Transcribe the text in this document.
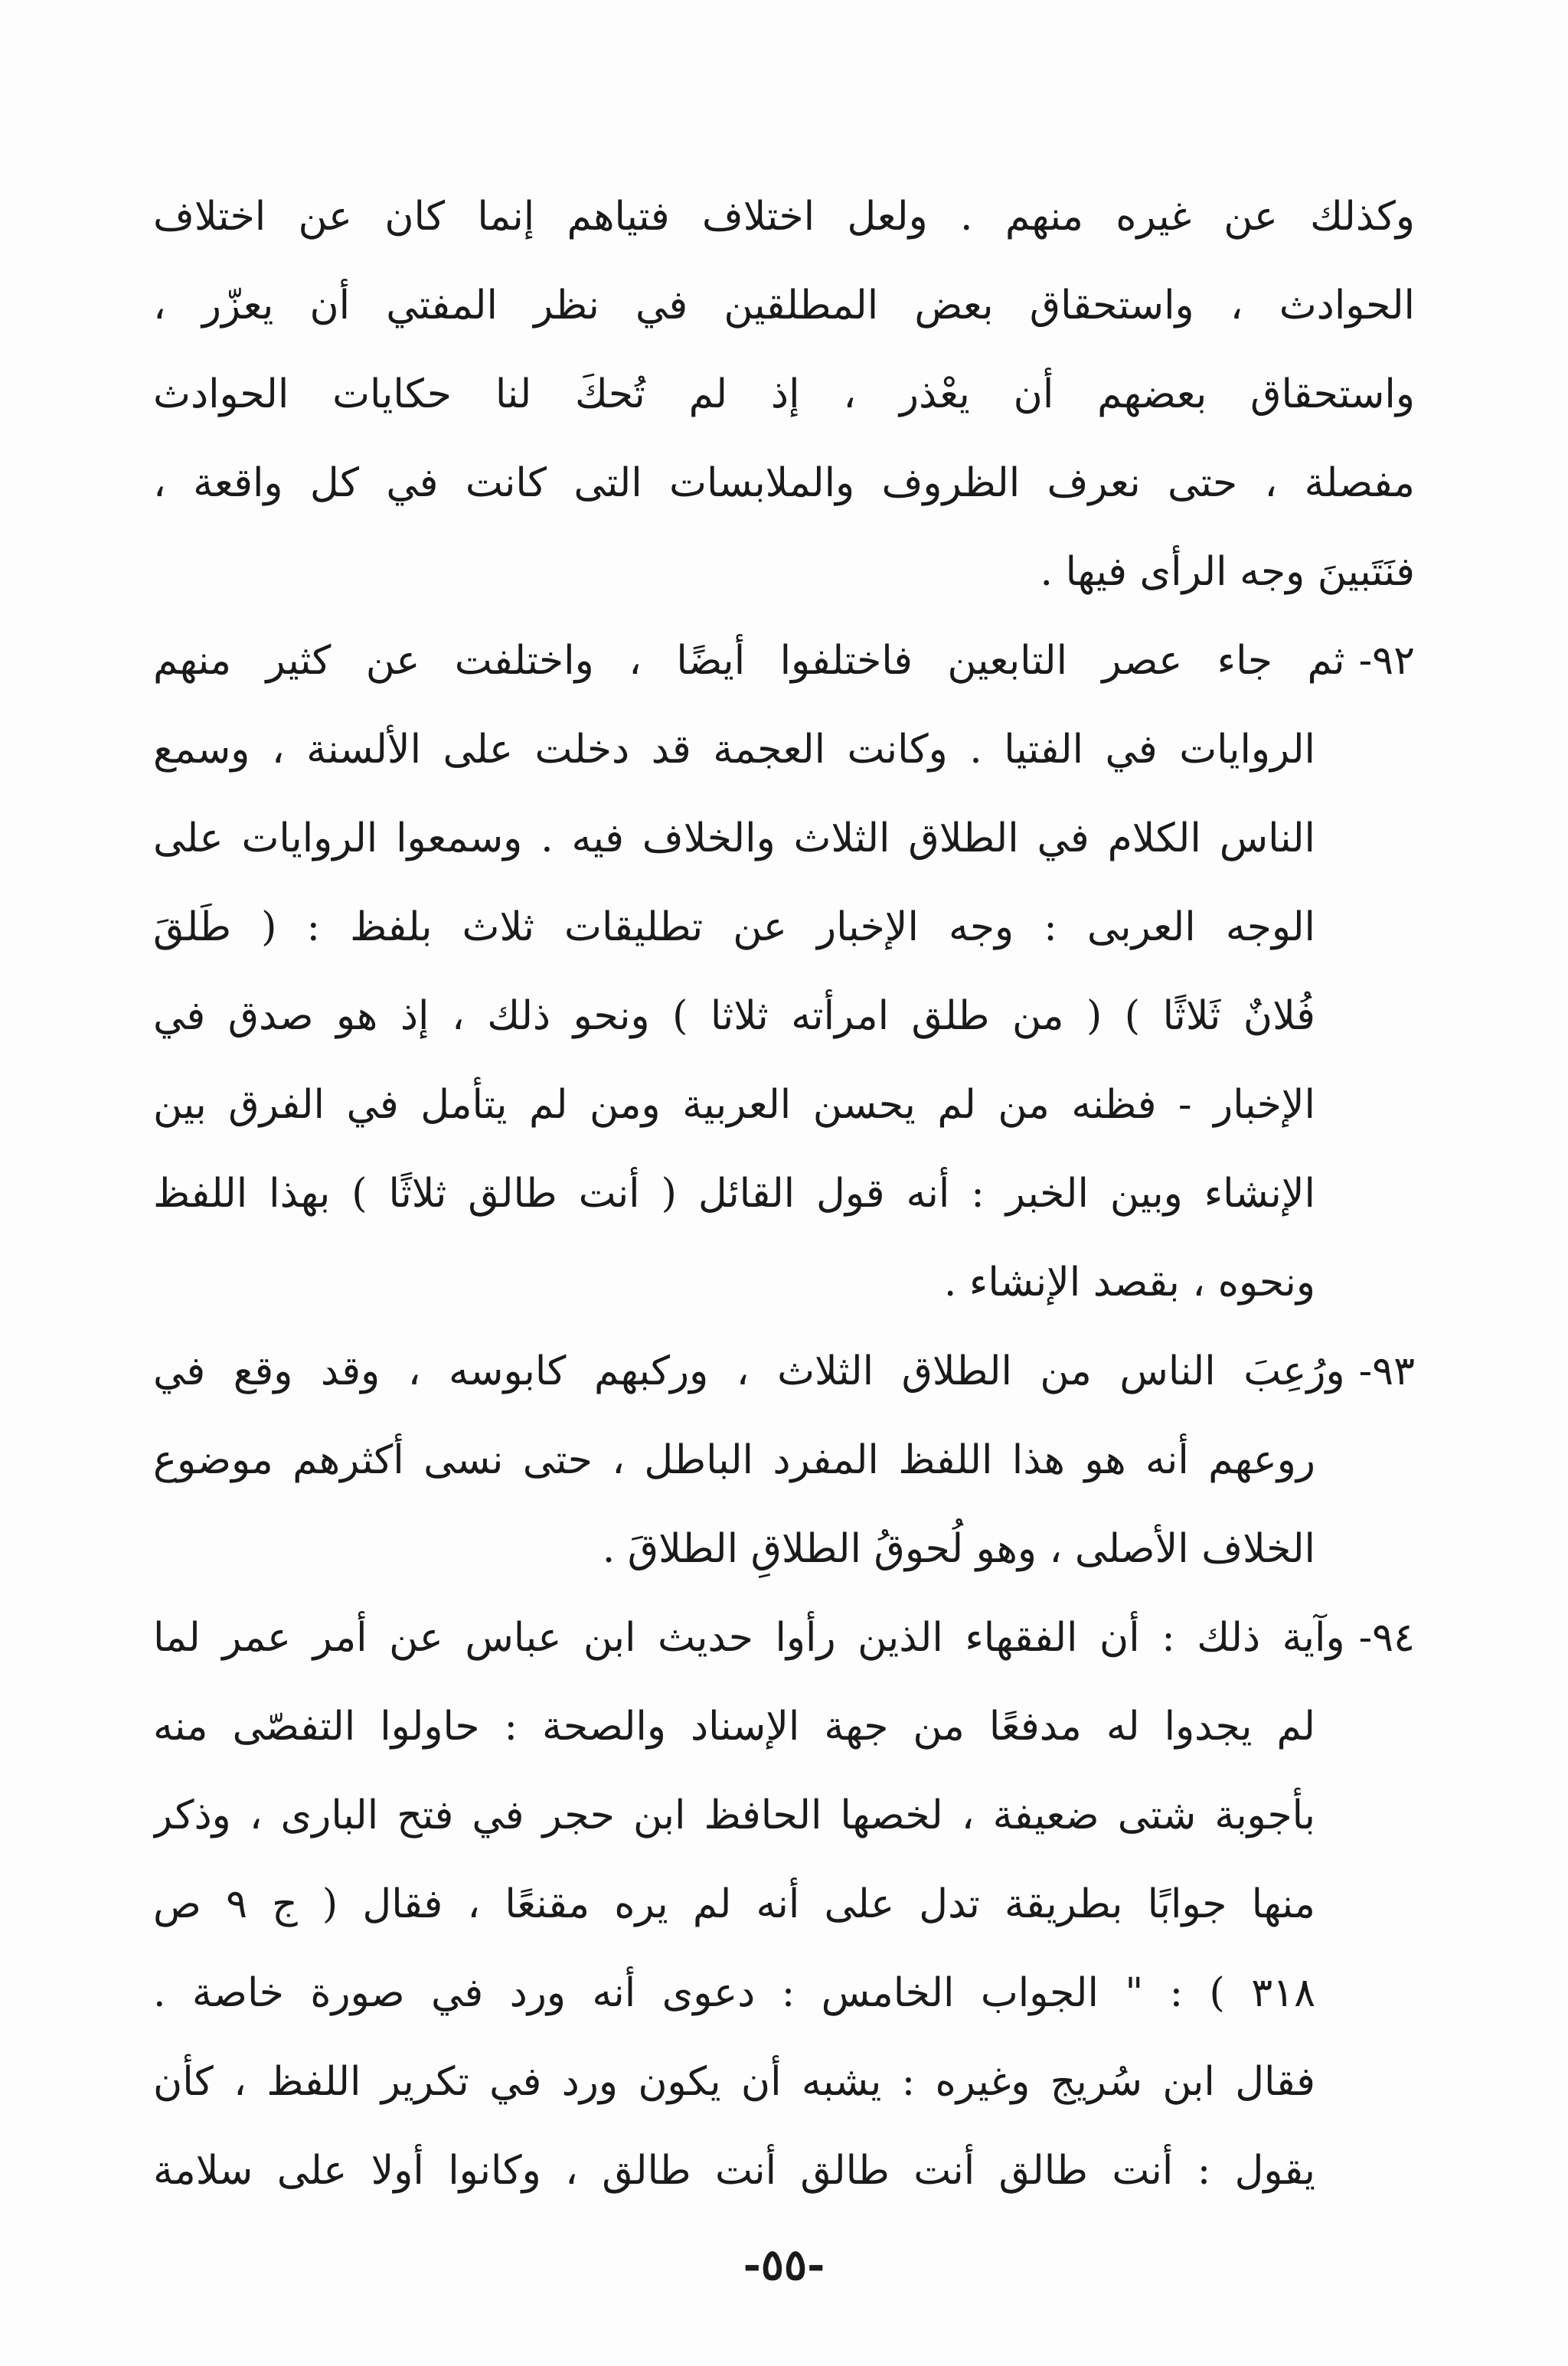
وكذلك عن غيره منهم . ولعل اختلاف فتياهم إنما كان عن اختلاف
الحوادث ، واستحقاق بعض المطلقين في نظر المفتي أن يعزّر ،
واستحقاق بعضهم أن يعْذر ، إذ لم تُحكَ لنا حكايات الحوادث
مفصلة ، حتى نعرف الظروف والملابسات التى كانت في كل واقعة ،
فنَتَبينَ وجه الرأى فيها .
٩٢-ثم جاء عصر التابعين فاختلفوا أيضًا ، واختلفت عن كثير منهم
الروايات في الفتيا . وكانت العجمة قد دخلت على الألسنة ، وسمع
الناس الكلام في الطلاق الثلاث والخلاف فيه . وسمعوا الروايات على
الوجه العربى : وجه الإخبار عن تطليقات ثلاث بلفظ : ( طَلقَ
فُلانٌ ثَلاثًا ) ( من طلق امرأته ثلاثا ) ونحو ذلك ، إذ هو صدق في
الإخبار - فظنه من لم يحسن العربية ومن لم يتأمل في الفرق بين
الإنشاء وبين الخبر : أنه قول القائل ( أنت طالق ثلاثًا ) بهذا اللفظ
ونحوه ، بقصد الإنشاء .
٩٣-ورُعِبَ الناس من الطلاق الثلاث ، وركبهم كابوسه ، وقد وقع في
روعهم أنه هو هذا اللفظ المفرد الباطل ، حتى نسى أكثرهم موضوع
الخلاف الأصلى ، وهو لُحوقُ الطلاقِ الطلاقَ .
٩٤-وآية ذلك : أن الفقهاء الذين رأوا حديث ابن عباس عن أمر عمر لما
لم يجدوا له مدفعًا من جهة الإسناد والصحة : حاولوا التفصّى منه
بأجوبة شتى ضعيفة ، لخصها الحافظ ابن حجر في فتح البارى ، وذكر
منها جوابًا بطريقة تدل على أنه لم يره مقنعًا ، فقال ( ج ٩ ص
٣١٨ ) : " الجواب الخامس : دعوى أنه ورد في صورة خاصة .
فقال ابن سُريج وغيره : يشبه أن يكون ورد في تكرير اللفظ ، كأن
يقول : أنت طالق أنت طالق أنت طالق ، وكانوا أولا على سلامة
-٥٥-
